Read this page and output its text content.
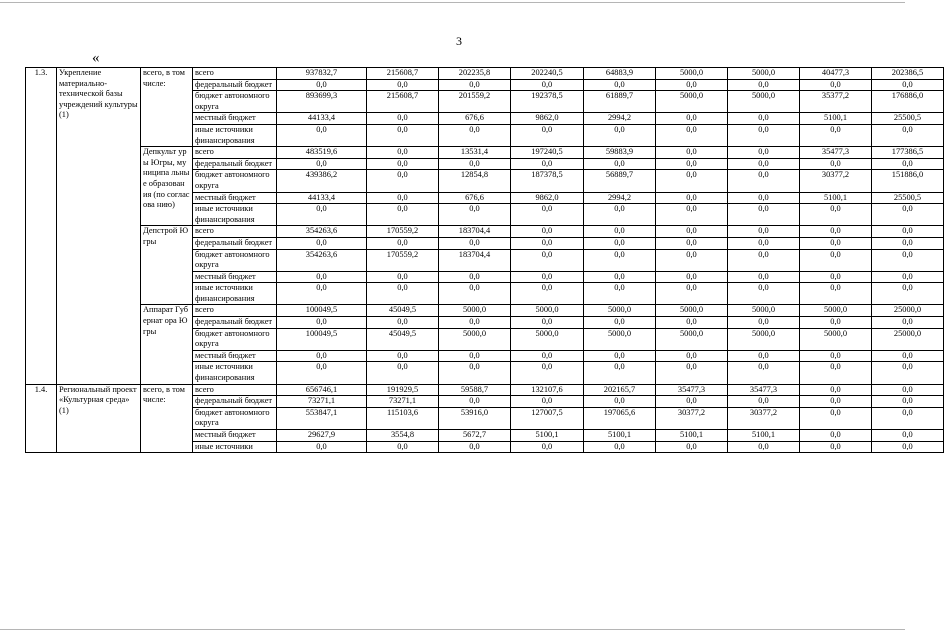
3
«
1.3.	Укрепление материально-технической базы учреждений культуры (1)	всего, в том числе:	всего	937832,7	215608,7	202235,8	202240,5	64883,9	5000,0	5000,0	40477,3	202386,5
			федеральный бюджет	0,0	0,0	0,0	0,0	0,0	0,0	0,0	0,0	0,0
			бюджет автономного округа	893699,3	215608,7	201559,2	192378,5	61889,7	5000,0	5000,0	35377,2	176886,0
			местный бюджет	44133,4	0,0	676,6	9862,0	2994,2	0,0	0,0	5100,1	25500,5
			иные источники финансирования	0,0	0,0	0,0	0,0	0,0	0,0	0,0	0,0	0,0
		Депкульт уры Югры, муниципа льные образован ия (по согласова нию)	всего	483519,6	0,0	13531,4	197240,5	59883,9	0,0	0,0	35477,3	177386,5
			федеральный бюджет	0,0	0,0	0,0	0,0	0,0	0,0	0,0	0,0	0,0
			бюджет автономного округа	439386,2	0,0	12854,8	187378,5	56889,7	0,0	0,0	30377,2	151886,0
			местный бюджет	44133,4	0,0	676,6	9862,0	2994,2	0,0	0,0	5100,1	25500,5
			иные источники финансирования	0,0	0,0	0,0	0,0	0,0	0,0	0,0	0,0	0,0
		Депстрой Югры	всего	354263,6	170559,2	183704,4	0,0	0,0	0,0	0,0	0,0	0,0
			федеральный бюджет	0,0	0,0	0,0	0,0	0,0	0,0	0,0	0,0	0,0
			бюджет автономного округа	354263,6	170559,2	183704,4	0,0	0,0	0,0	0,0	0,0	0,0
			местный бюджет	0,0	0,0	0,0	0,0	0,0	0,0	0,0	0,0	0,0
			иные источники финансирования	0,0	0,0	0,0	0,0	0,0	0,0	0,0	0,0	0,0
		Аппарат Губернат ора Югры	всего	100049,5	45049,5	5000,0	5000,0	5000,0	5000,0	5000,0	5000,0	25000,0
			федеральный бюджет	0,0	0,0	0,0	0,0	0,0	0,0	0,0	0,0	0,0
			бюджет автономного округа	100049,5	45049,5	5000,0	5000,0	5000,0	5000,0	5000,0	5000,0	25000,0
			местный бюджет	0,0	0,0	0,0	0,0	0,0	0,0	0,0	0,0	0,0
			иные источники финансирования	0,0	0,0	0,0	0,0	0,0	0,0	0,0	0,0	0,0
1.4.	Региональный проект «Культурная среда» (1)	всего, в том числе:	всего	656746,1	191929,5	59588,7	132107,6	202165,7	35477,3	35477,3	0,0	0,0
			федеральный бюджет	73271,1	73271,1	0,0	0,0	0,0	0,0	0,0	0,0	0,0
			бюджет автономного округа	553847,1	115103,6	53916,0	127007,5	197065,6	30377,2	30377,2	0,0	0,0
			местный бюджет	29627,9	3554,8	5672,7	5100,1	5100,1	5100,1	5100,1	0,0	0,0
			иные источники	0,0	0,0	0,0	0,0	0,0	0,0	0,0	0,0	0,0
